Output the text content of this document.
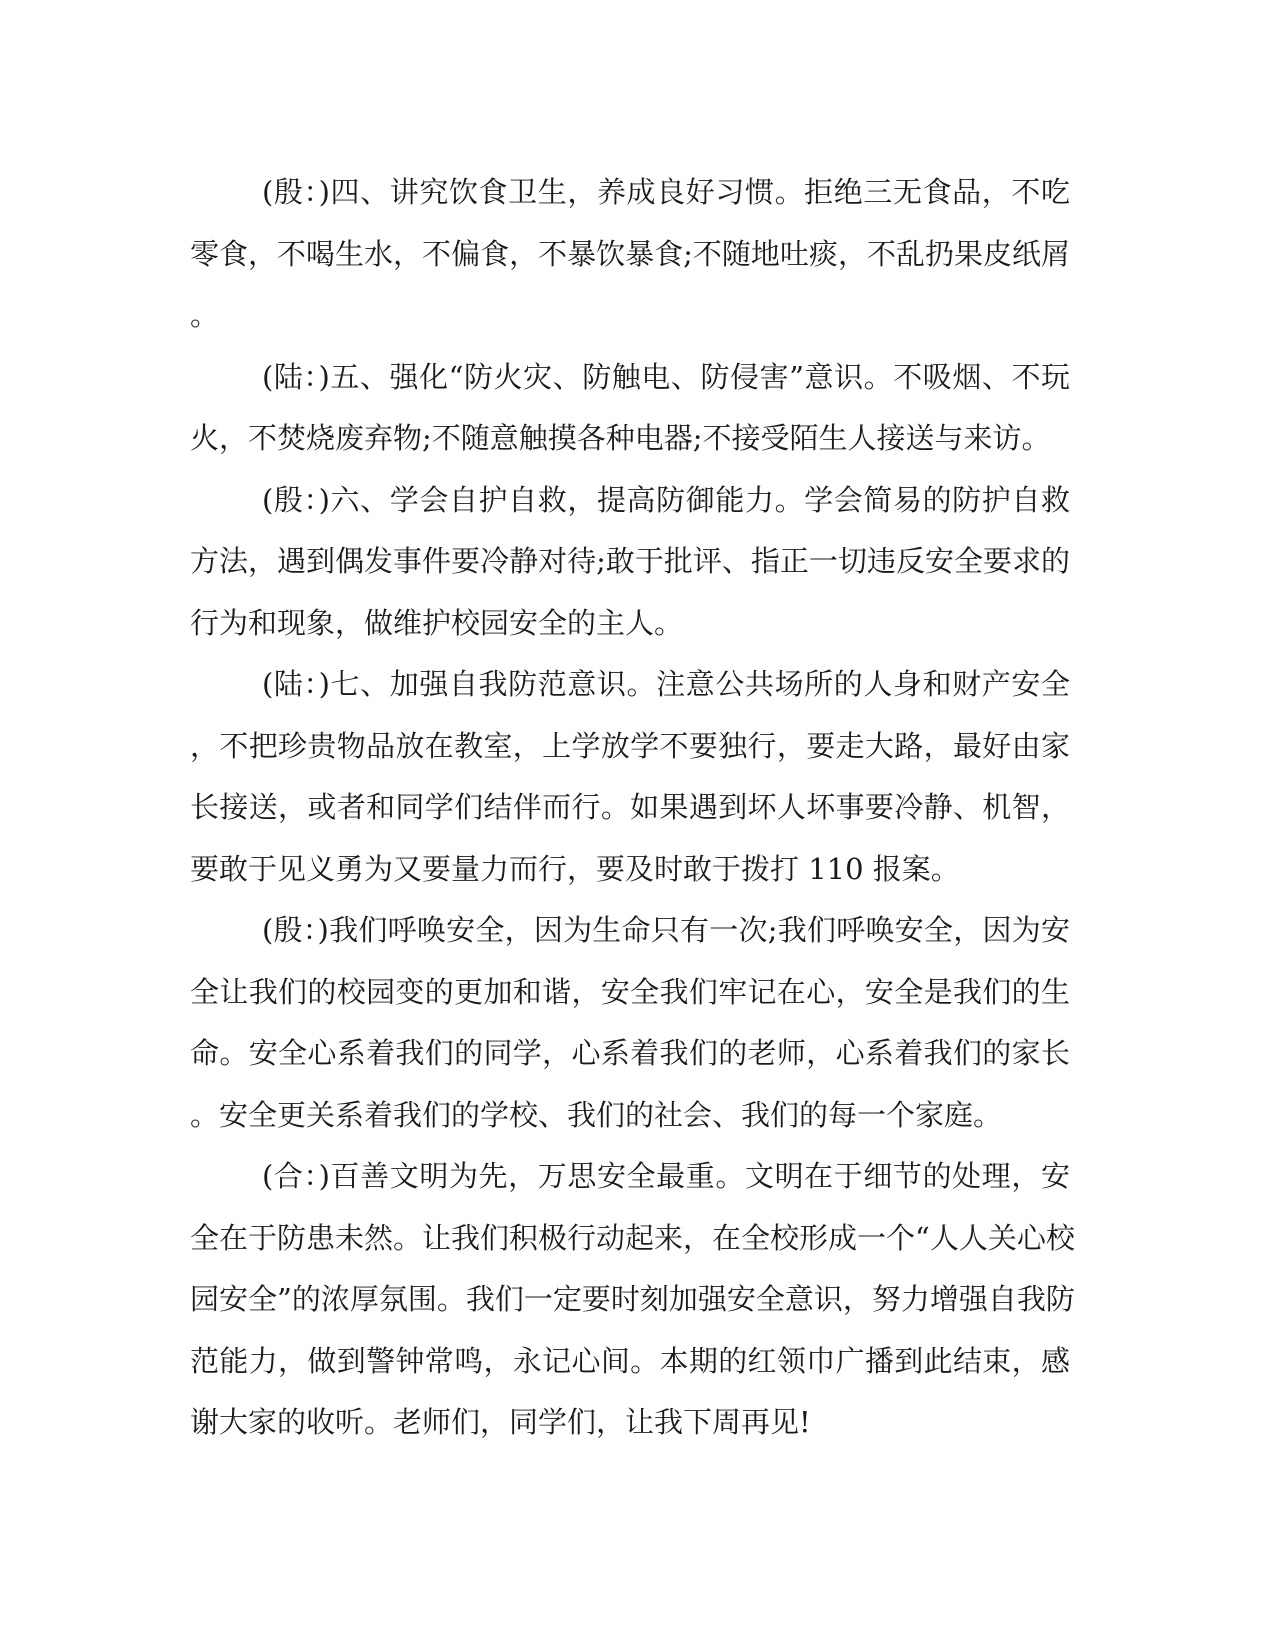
(殷：)四、讲究饮食卫生，养成良好习惯。拒绝三无食品，不吃
零食，不喝生水，不偏食，不暴饮暴食;不随地吐痰，不乱扔果皮纸屑
。
(陆：)五、强化“防火灾、防触电、防侵害”意识。不吸烟、不玩
火，不焚烧废弃物;不随意触摸各种电器;不接受陌生人接送与来访。
(殷：)六、学会自护自救，提高防御能力。学会简易的防护自救
方法，遇到偶发事件要冷静对待;敢于批评、指正一切违反安全要求的
行为和现象，做维护校园安全的主人。
(陆：)七、加强自我防范意识。注意公共场所的人身和财产安全
，不把珍贵物品放在教室，上学放学不要独行，要走大路，最好由家
长接送，或者和同学们结伴而行。如果遇到坏人坏事要冷静、机智，
要敢于见义勇为又要量力而行，要及时敢于拨打 110 报案。
(殷：)我们呼唤安全，因为生命只有一次;我们呼唤安全，因为安
全让我们的校园变的更加和谐，安全我们牢记在心，安全是我们的生
命。安全心系着我们的同学，心系着我们的老师，心系着我们的家长
。安全更关系着我们的学校、我们的社会、我们的每一个家庭。
(合：)百善文明为先，万思安全最重。文明在于细节的处理，安
全在于防患未然。让我们积极行动起来，在全校形成一个“人人关心校
园安全”的浓厚氛围。我们一定要时刻加强安全意识，努力增强自我防
范能力，做到警钟常鸣，永记心间。本期的红领巾广播到此结束，感
谢大家的收听。老师们，同学们，让我下周再见!
